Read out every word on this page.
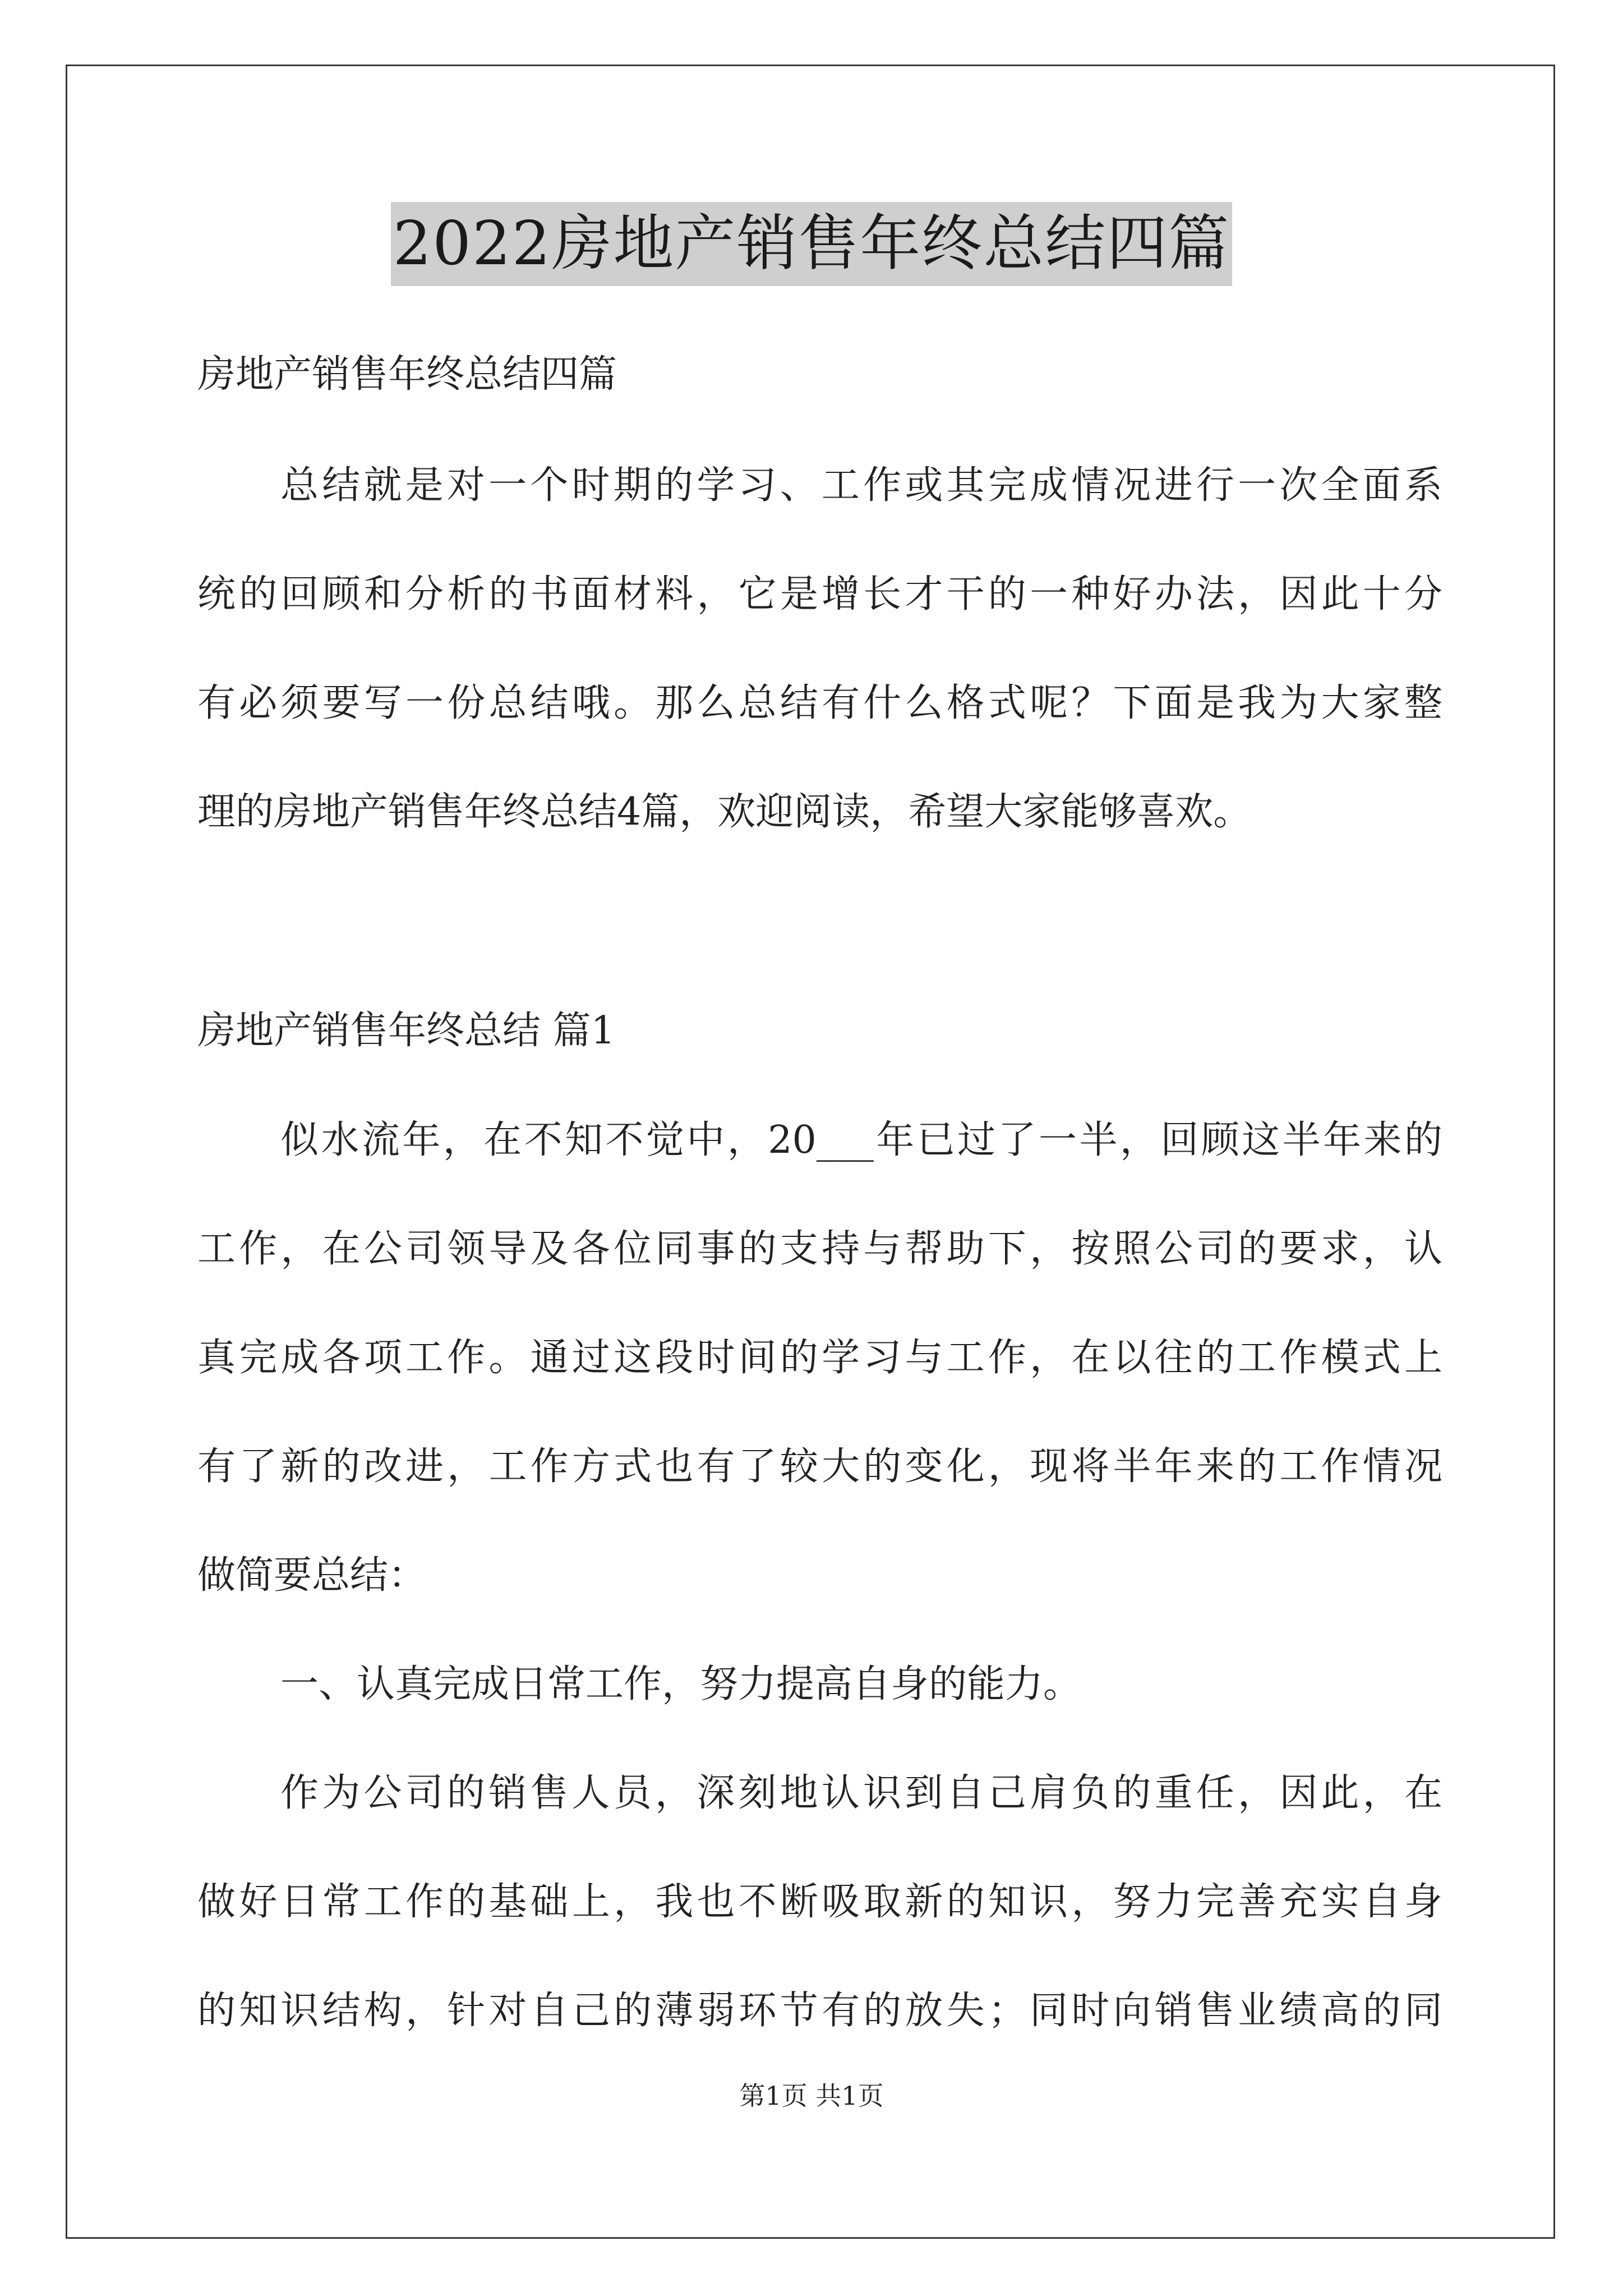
2022房地产销售年终总结四篇
房地产销售年终总结四篇
总结就是对一个时期的学习、工作或其完成情况进行一次全面系
统的回顾和分析的书面材料，它是增长才干的一种好办法，因此十分
有必须要写一份总结哦。那么总结有什么格式呢？下面是我为大家整
理的房地产销售年终总结4篇，欢迎阅读，希望大家能够喜欢。
房地产销售年终总结 篇1
似水流年，在不知不觉中，20___年已过了一半，回顾这半年来的
工作，在公司领导及各位同事的支持与帮助下，按照公司的要求，认
真完成各项工作。通过这段时间的学习与工作，在以往的工作模式上
有了新的改进，工作方式也有了较大的变化，现将半年来的工作情况
做简要总结：
一、认真完成日常工作，努力提高自身的能力。
作为公司的销售人员，深刻地认识到自己肩负的重任，因此，在
做好日常工作的基础上，我也不断吸取新的知识，努力完善充实自身
的知识结构，针对自己的薄弱环节有的放失；同时向销售业绩高的同
第1页 共1页
